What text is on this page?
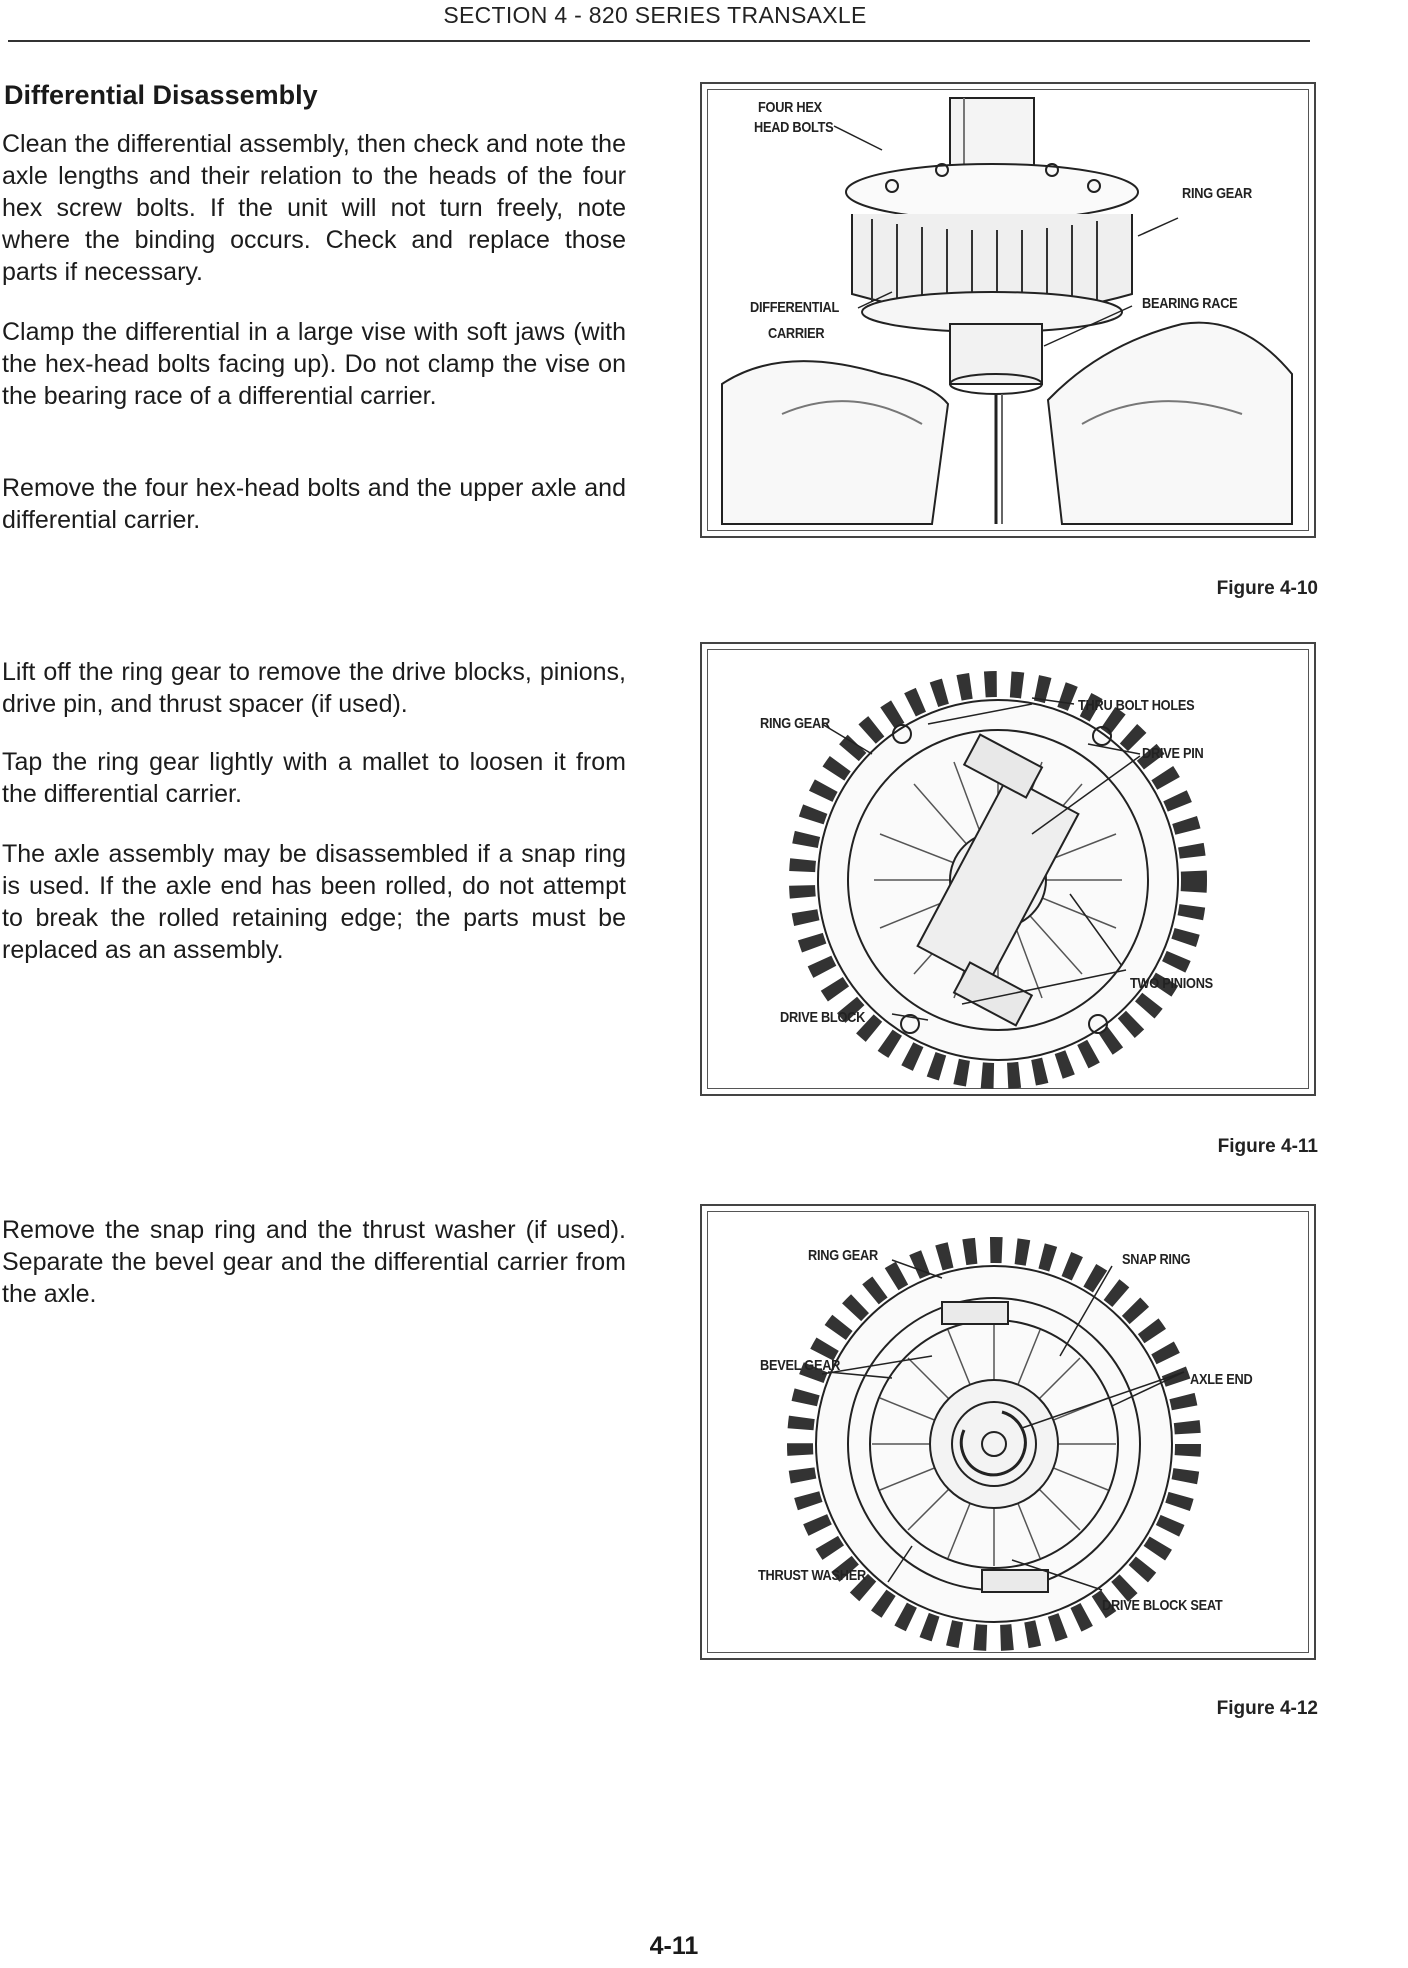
SECTION 4 - 820 SERIES TRANSAXLE
Differential Disassembly

Clean the differential assembly, then check and note the axle lengths and their relation to the heads of the four hex screw bolts. If the unit will not turn freely, note where the binding occurs. Check and replace those parts if necessary.

Clamp the differential in a large vise with soft jaws (with the hex-head bolts facing up). Do not clamp the vise on the bearing race of a differential carrier.

Remove the four hex-head bolts and the upper axle and differential carrier.

Lift off the ring gear to remove the drive blocks, pinions, drive pin, and thrust spacer (if used).

Tap the ring gear lightly with a mallet to loosen it from the differential carrier.

The axle assembly may be disassembled if a snap ring is used. If the axle end has been rolled, do not attempt to break the rolled retaining edge; the parts must be replaced as an assembly.

Remove the snap ring and the thrust washer (if used). Separate the bevel gear and the differential carrier from the axle.

FOUR HEX
HEAD BOLTS
RING GEAR
DIFFERENTIAL
CARRIER
BEARING RACE
Figure 4-10
RING GEAR
THRU BOLT HOLES
DRIVE PIN
TWO PINIONS
DRIVE BLOCK
Figure 4-11
RING GEAR	SNAP RING
BEVEL GEAR
AXLE END
THRUST WASHER
DRIVE BLOCK SEAT
Figure 4-12
4-11
